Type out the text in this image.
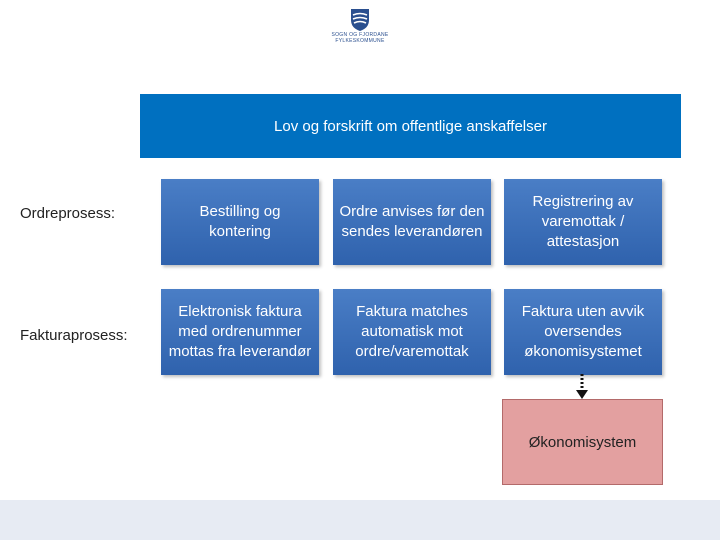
SOGN OG FJORDANE
FYLKESKOMMUNE
Lov og forskrift om offentlige anskaffelser
Ordreprosess:
Fakturaprosess:
Bestilling og kontering
Ordre anvises før den sendes leverandøren
Registrering av varemottak / attestasjon
Elektronisk faktura med ordrenummer mottas fra leverandør
Faktura matches automatisk mot ordre/varemottak
Faktura uten avvik oversendes økonomisystemet
Økonomisystem
